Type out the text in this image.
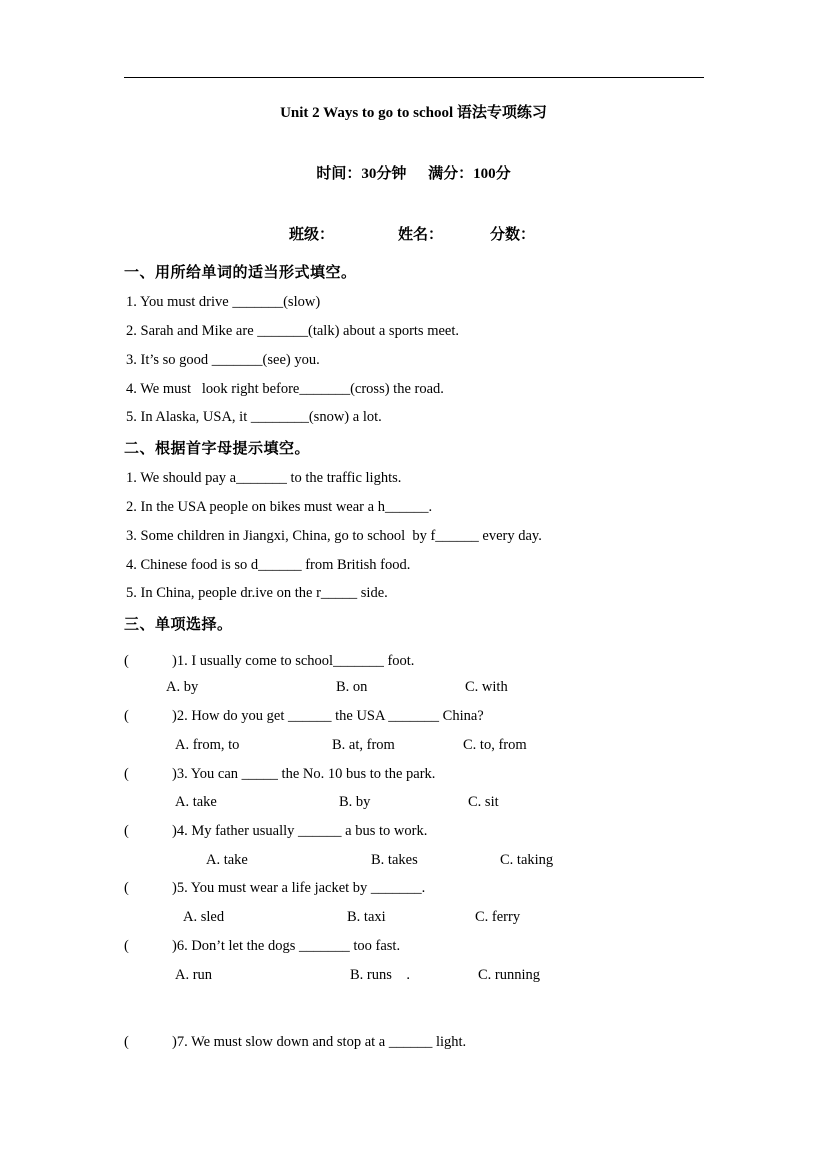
Unit 2 Ways to go to school 语法专项练习
时间：30分钟 满分：100分
班级：	姓名：	分数：
一、用所给单词的适当形式填空。
1. You must drive _______(slow)
2. Sarah and Mike are _______(talk) about a sports meet.
3. It’s so good _______(see) you.
4. We must   look right before_______(cross) the road.
5. In Alaska, USA, it ________(snow) a lot.
二、根据首字母提示填空。
1. We should pay a_______ to the traffic lights.
2. In the USA people on bikes must wear a h______.
3. Some children in Jiangxi, China, go to school  by f______ every day.
4. Chinese food is so d______ from British food.
5. In China, people dr.ive on the r_____ side.
三、单项选择。
(	)1. I usually come to school_______ foot.
A. by	B. on	C. with
(	)2. How do you get ______ the USA _______ China?
A. from, to	B. at, from	C. to, from
(	)3. You can _____ the No. 10 bus to the park.
A. take	B. by	C. sit
(	)4. My father usually ______ a bus to work.
A. take	B. takes	C. taking
(	)5. You must wear a life jacket by _______.
A. sled	B. taxi	C. ferry
(	)6. Don’t let the dogs _______ too fast.
A. run	B. runs    .	C. running
(	)7. We must slow down and stop at a ______ light.
